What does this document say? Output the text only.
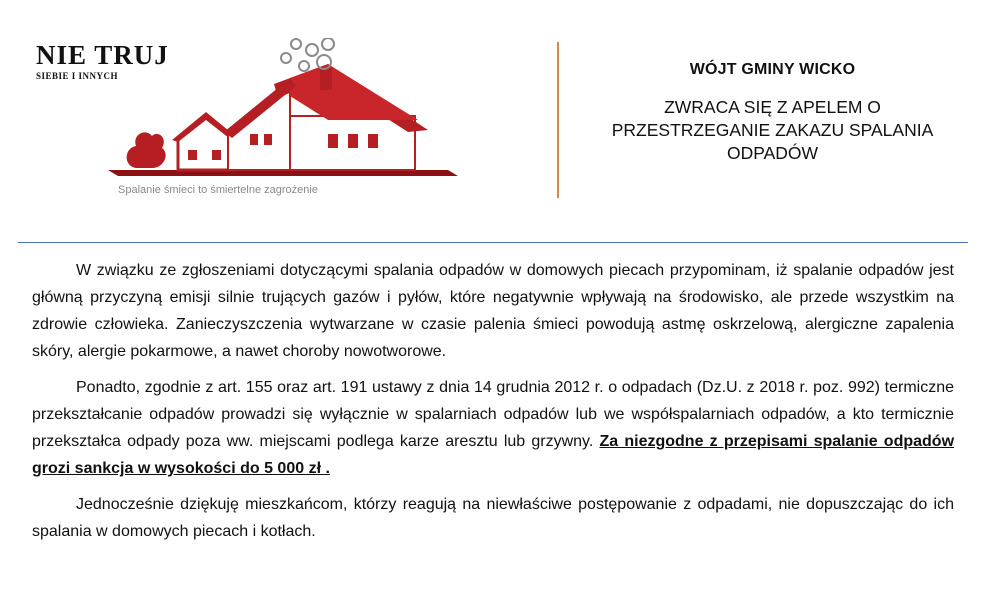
NIE TRUJ
SIEBIE I INNYCH
Spalanie śmieci to śmiertelne zagrożenie
WÓJT GMINY WICKO
ZWRACA SIĘ Z APELEM O
PRZESTRZEGANIE ZAKAZU SPALANIA
ODPADÓW

W związku ze zgłoszeniami dotyczącymi spalania odpadów w domowych piecach przypominam, iż spalanie odpadów jest główną przyczyną emisji silnie trujących gazów i pyłów, które negatywnie wpływają na środowisko, ale przede wszystkim na zdrowie człowieka. Zanieczyszczenia wytwarzane w czasie palenia śmieci powodują astmę oskrzelową, alergiczne zapalenia skóry, alergie pokarmowe, a nawet choroby nowotworowe.

Ponadto, zgodnie z art. 155 oraz art. 191 ustawy z dnia 14 grudnia 2012 r. o odpadach (Dz.U. z 2018 r. poz. 992) termiczne przekształcanie odpadów prowadzi się wyłącznie w spalarniach odpadów lub we współspalarniach odpadów, a kto termicznie przekształca odpady poza ww. miejscami podlega karze aresztu lub grzywny. Za niezgodne z przepisami spalanie odpadów grozi sankcja w wysokości do 5 000 zł .

Jednocześnie dziękuję mieszkańcom, którzy reagują na niewłaściwe postępowanie z odpadami, nie dopuszczając do ich spalania w domowych piecach i kotłach.
